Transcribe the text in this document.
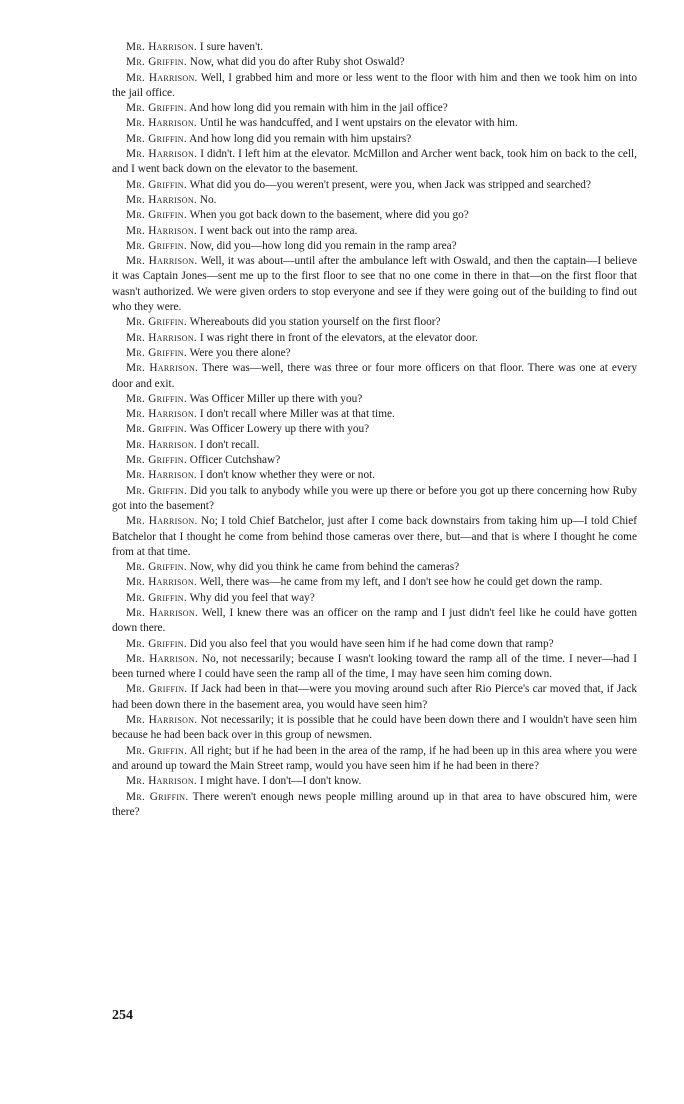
Mr. Harrison. I sure haven't.

Mr. Griffin. Now, what did you do after Ruby shot Oswald?

Mr. Harrison. Well, I grabbed him and more or less went to the floor with him and then we took him on into the jail office.

Mr. Griffin. And how long did you remain with him in the jail office?

Mr. Harrison. Until he was handcuffed, and I went upstairs on the elevator with him.

Mr. Griffin. And how long did you remain with him upstairs?

Mr. Harrison. I didn't. I left him at the elevator. McMillon and Archer went back, took him on back to the cell, and I went back down on the elevator to the basement.

Mr. Griffin. What did you do—you weren't present, were you, when Jack was stripped and searched?

Mr. Harrison. No.

Mr. Griffin. When you got back down to the basement, where did you go?

Mr. Harrison. I went back out into the ramp area.

Mr. Griffin. Now, did you—how long did you remain in the ramp area?

Mr. Harrison. Well, it was about—until after the ambulance left with Oswald, and then the captain—I believe it was Captain Jones—sent me up to the first floor to see that no one come in there in that—on the first floor that wasn't authorized. We were given orders to stop everyone and see if they were going out of the building to find out who they were.

Mr. Griffin. Whereabouts did you station yourself on the first floor?

Mr. Harrison. I was right there in front of the elevators, at the elevator door.

Mr. Griffin. Were you there alone?

Mr. Harrison. There was—well, there was three or four more officers on that floor. There was one at every door and exit.

Mr. Griffin. Was Officer Miller up there with you?

Mr. Harrison. I don't recall where Miller was at that time.

Mr. Griffin. Was Officer Lowery up there with you?

Mr. Harrison. I don't recall.

Mr. Griffin. Officer Cutchshaw?

Mr. Harrison. I don't know whether they were or not.

Mr. Griffin. Did you talk to anybody while you were up there or before you got up there concerning how Ruby got into the basement?

Mr. Harrison. No; I told Chief Batchelor, just after I come back downstairs from taking him up—I told Chief Batchelor that I thought he come from behind those cameras over there, but—and that is where I thought he come from at that time.

Mr. Griffin. Now, why did you think he came from behind the cameras?

Mr. Harrison. Well, there was—he came from my left, and I don't see how he could get down the ramp.

Mr. Griffin. Why did you feel that way?

Mr. Harrison. Well, I knew there was an officer on the ramp and I just didn't feel like he could have gotten down there.

Mr. Griffin. Did you also feel that you would have seen him if he had come down that ramp?

Mr. Harrison. No, not necessarily; because I wasn't looking toward the ramp all of the time. I never—had I been turned where I could have seen the ramp all of the time, I may have seen him coming down.

Mr. Griffin. If Jack had been in that—were you moving around such after Rio Pierce's car moved that, if Jack had been down there in the basement area, you would have seen him?

Mr. Harrison. Not necessarily; it is possible that he could have been down there and I wouldn't have seen him because he had been back over in this group of newsmen.

Mr. Griffin. All right; but if he had been in the area of the ramp, if he had been up in this area where you were and around up toward the Main Street ramp, would you have seen him if he had been in there?

Mr. Harrison. I might have. I don't—I don't know.

Mr. Griffin. There weren't enough news people milling around up in that area to have obscured him, were there?

254
